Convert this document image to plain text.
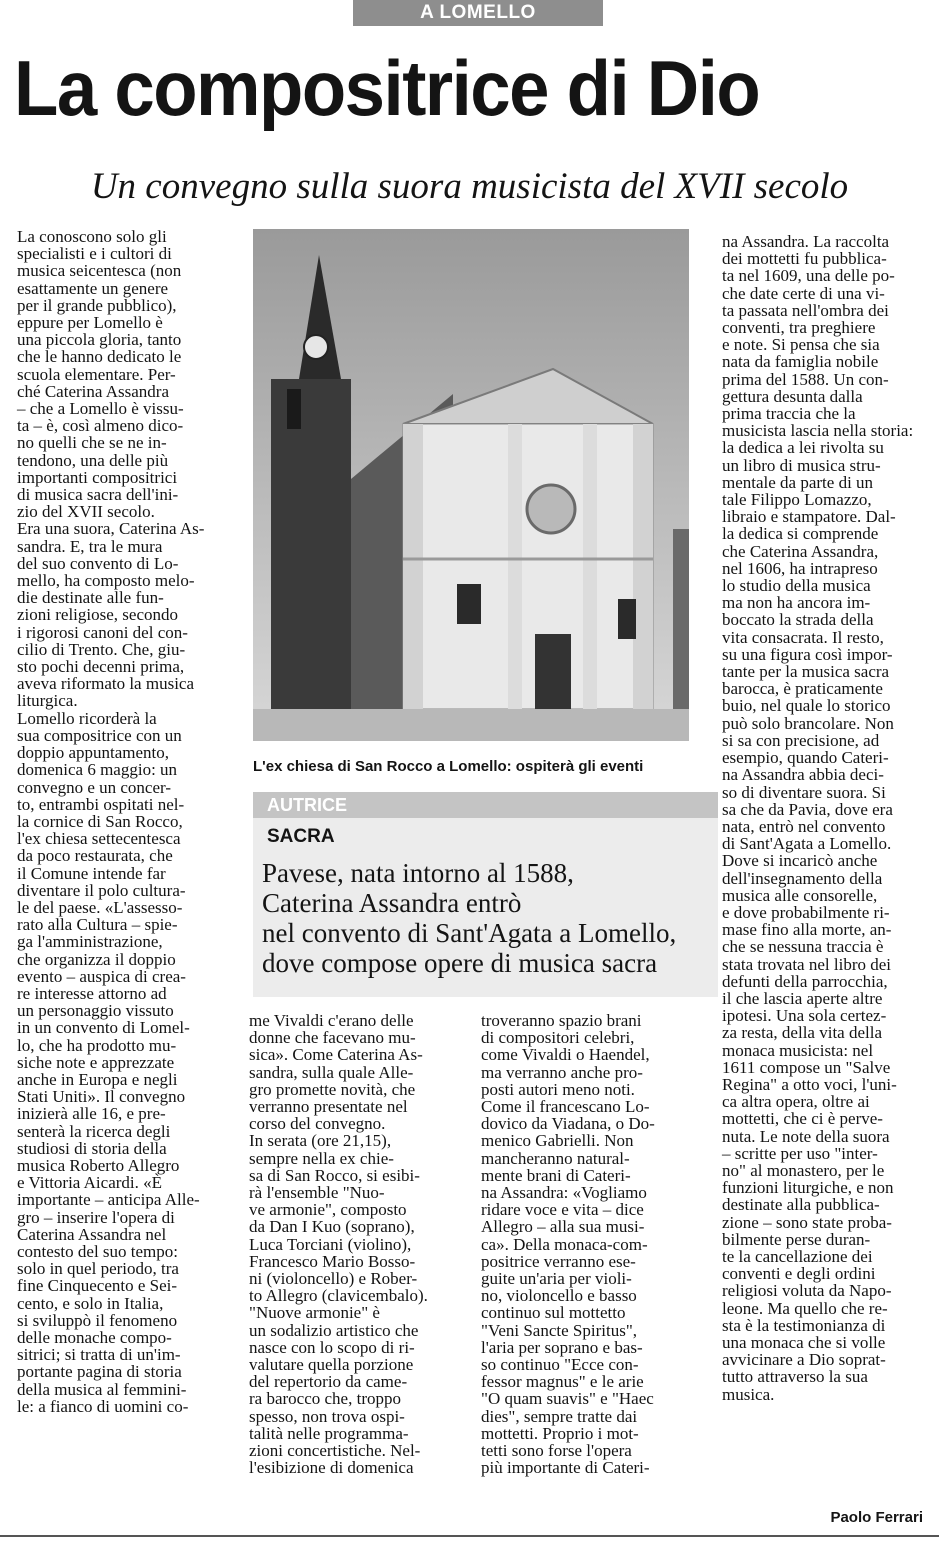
A LOMELLO
La compositrice di Dio
Un convegno sulla suora musicista del XVII secolo

La conoscono solo gli

specialisti e i cultori di

musica seicentesca (non

esattamente un genere

per il grande pubblico),

eppure per Lomello è

una piccola gloria, tanto

che le hanno dedicato le

scuola elementare. Per-

ché Caterina Assandra

– che a Lomello è vissu-

ta – è, così almeno dico-

no quelli che se ne in-

tendono, una delle più

importanti compositrici

di musica sacra dell'ini-

zio del XVII secolo.

Era una suora, Caterina As-

sandra. E, tra le mura

del suo convento di Lo-

mello, ha composto melo-

die destinate alle fun-

zioni religiose, secondo

i rigorosi canoni del con-

cilio di Trento. Che, giu-

sto pochi decenni prima,

aveva riformato la musica

liturgica.

Lomello ricorderà la

sua compositrice con un

doppio appuntamento,

domenica 6 maggio: un

convegno e un concer-

to, entrambi ospitati nel-

la cornice di San Rocco,

l'ex chiesa settecentesca

da poco restaurata, che

il Comune intende far

diventare il polo cultura-

le del paese. «L'assesso-

rato alla Cultura – spie-

ga l'amministrazione,

che organizza il doppio

evento – auspica di crea-

re interesse attorno ad

un personaggio vissuto

in un convento di Lomel-

lo, che ha prodotto mu-

siche note e apprezzate

anche in Europa e negli

Stati Uniti». Il convegno

inizierà alle 16, e pre-

senterà la ricerca degli

studiosi di storia della

musica Roberto Allegro

e Vittoria Aicardi. «È

importante – anticipa Alle-

gro – inserire l'opera di

Caterina Assandra nel

contesto del suo tempo:

solo in quel periodo, tra

fine Cinquecento e Sei-

cento, e solo in Italia,

si sviluppò il fenomeno

delle monache compo-

sitrici; si tratta di un'im-

portante pagina di storia

della musica al femmini-

le: a fianco di uomini co-

L'ex chiesa di San Rocco a Lomello: ospiterà gli eventi
AUTRICE
SACRA

Pavese, nata intorno al 1588,

Caterina Assandra entrò

nel convento di Sant'Agata a Lomello,

dove compose opere di musica sacra

me Vivaldi c'erano delle

donne che facevano mu-

sica». Come Caterina As-

sandra, sulla quale Alle-

gro promette novità, che

verranno presentate nel

corso del convegno.

In serata (ore 21,15),

sempre nella ex chie-

sa di San Rocco, si esibi-

rà l'ensemble "Nuo-

ve armonie", composto

da Dan I Kuo (soprano),

Luca Torciani (violino),

Francesco Mario Bosso-

ni (violoncello) e Rober-

to Allegro (clavicembalo).

"Nuove armonie" è

un sodalizio artistico che

nasce con lo scopo di ri-

valutare quella porzione

del repertorio da came-

ra barocco che, troppo

spesso, non trova ospi-

talità nelle programma-

zioni concertistiche. Nel-

l'esibizione di domenica

troveranno spazio brani

di compositori celebri,

come Vivaldi o Haendel,

ma verranno anche pro-

posti autori meno noti.

Come il francescano Lo-

dovico da Viadana, o Do-

menico Gabrielli. Non

mancheranno natural-

mente brani di Cateri-

na Assandra: «Vogliamo

ridare voce e vita – dice

Allegro – alla sua musi-

ca». Della monaca-com-

positrice verranno ese-

guite un'aria per violi-

no, violoncello e basso

continuo sul mottetto

"Veni Sancte Spiritus",

l'aria per soprano e bas-

so continuo "Ecce con-

fessor magnus" e le arie

"O quam suavis" e "Haec

dies", sempre tratte dai

mottetti. Proprio i mot-

tetti sono forse l'opera

più importante di Cateri-

na Assandra. La raccolta

dei mottetti fu pubblica-

ta nel 1609, una delle po-

che date certe di una vi-

ta passata nell'ombra dei

conventi, tra preghiere

e note. Si pensa che sia

nata da famiglia nobile

prima del 1588. Un con-

gettura desunta dalla

prima traccia che la

musicista lascia nella storia:

la dedica a lei rivolta su

un libro di musica stru-

mentale da parte di un

tale Filippo Lomazzo,

libraio e stampatore. Dal-

la dedica si comprende

che Caterina Assandra,

nel 1606, ha intrapreso

lo studio della musica

ma non ha ancora im-

boccato la strada della

vita consacrata. Il resto,

su una figura così impor-

tante per la musica sacra

barocca, è praticamente

buio, nel quale lo storico

può solo brancolare. Non

si sa con precisione, ad

esempio, quando Cateri-

na Assandra abbia deci-

so di diventare suora. Si

sa che da Pavia, dove era

nata, entrò nel convento

di Sant'Agata a Lomello.

Dove si incaricò anche

dell'insegnamento della

musica alle consorelle,

e dove probabilmente ri-

mase fino alla morte, an-

che se nessuna traccia è

stata trovata nel libro dei

defunti della parrocchia,

il che lascia aperte altre

ipotesi. Una sola certez-

za resta, della vita della

monaca musicista: nel

1611 compose un "Salve

Regina" a otto voci, l'uni-

ca altra opera, oltre ai

mottetti, che ci è perve-

nuta. Le note della suora

– scritte per uso "inter-

no" al monastero, per le

funzioni liturgiche, e non

destinate alla pubblica-

zione – sono state proba-

bilmente perse duran-

te la cancellazione dei

conventi e degli ordini

religiosi voluta da Napo-

leone. Ma quello che re-

sta è la testimonianza di

una monaca che si volle

avvicinare a Dio soprat-

tutto attraverso la sua

musica.

Paolo Ferrari
